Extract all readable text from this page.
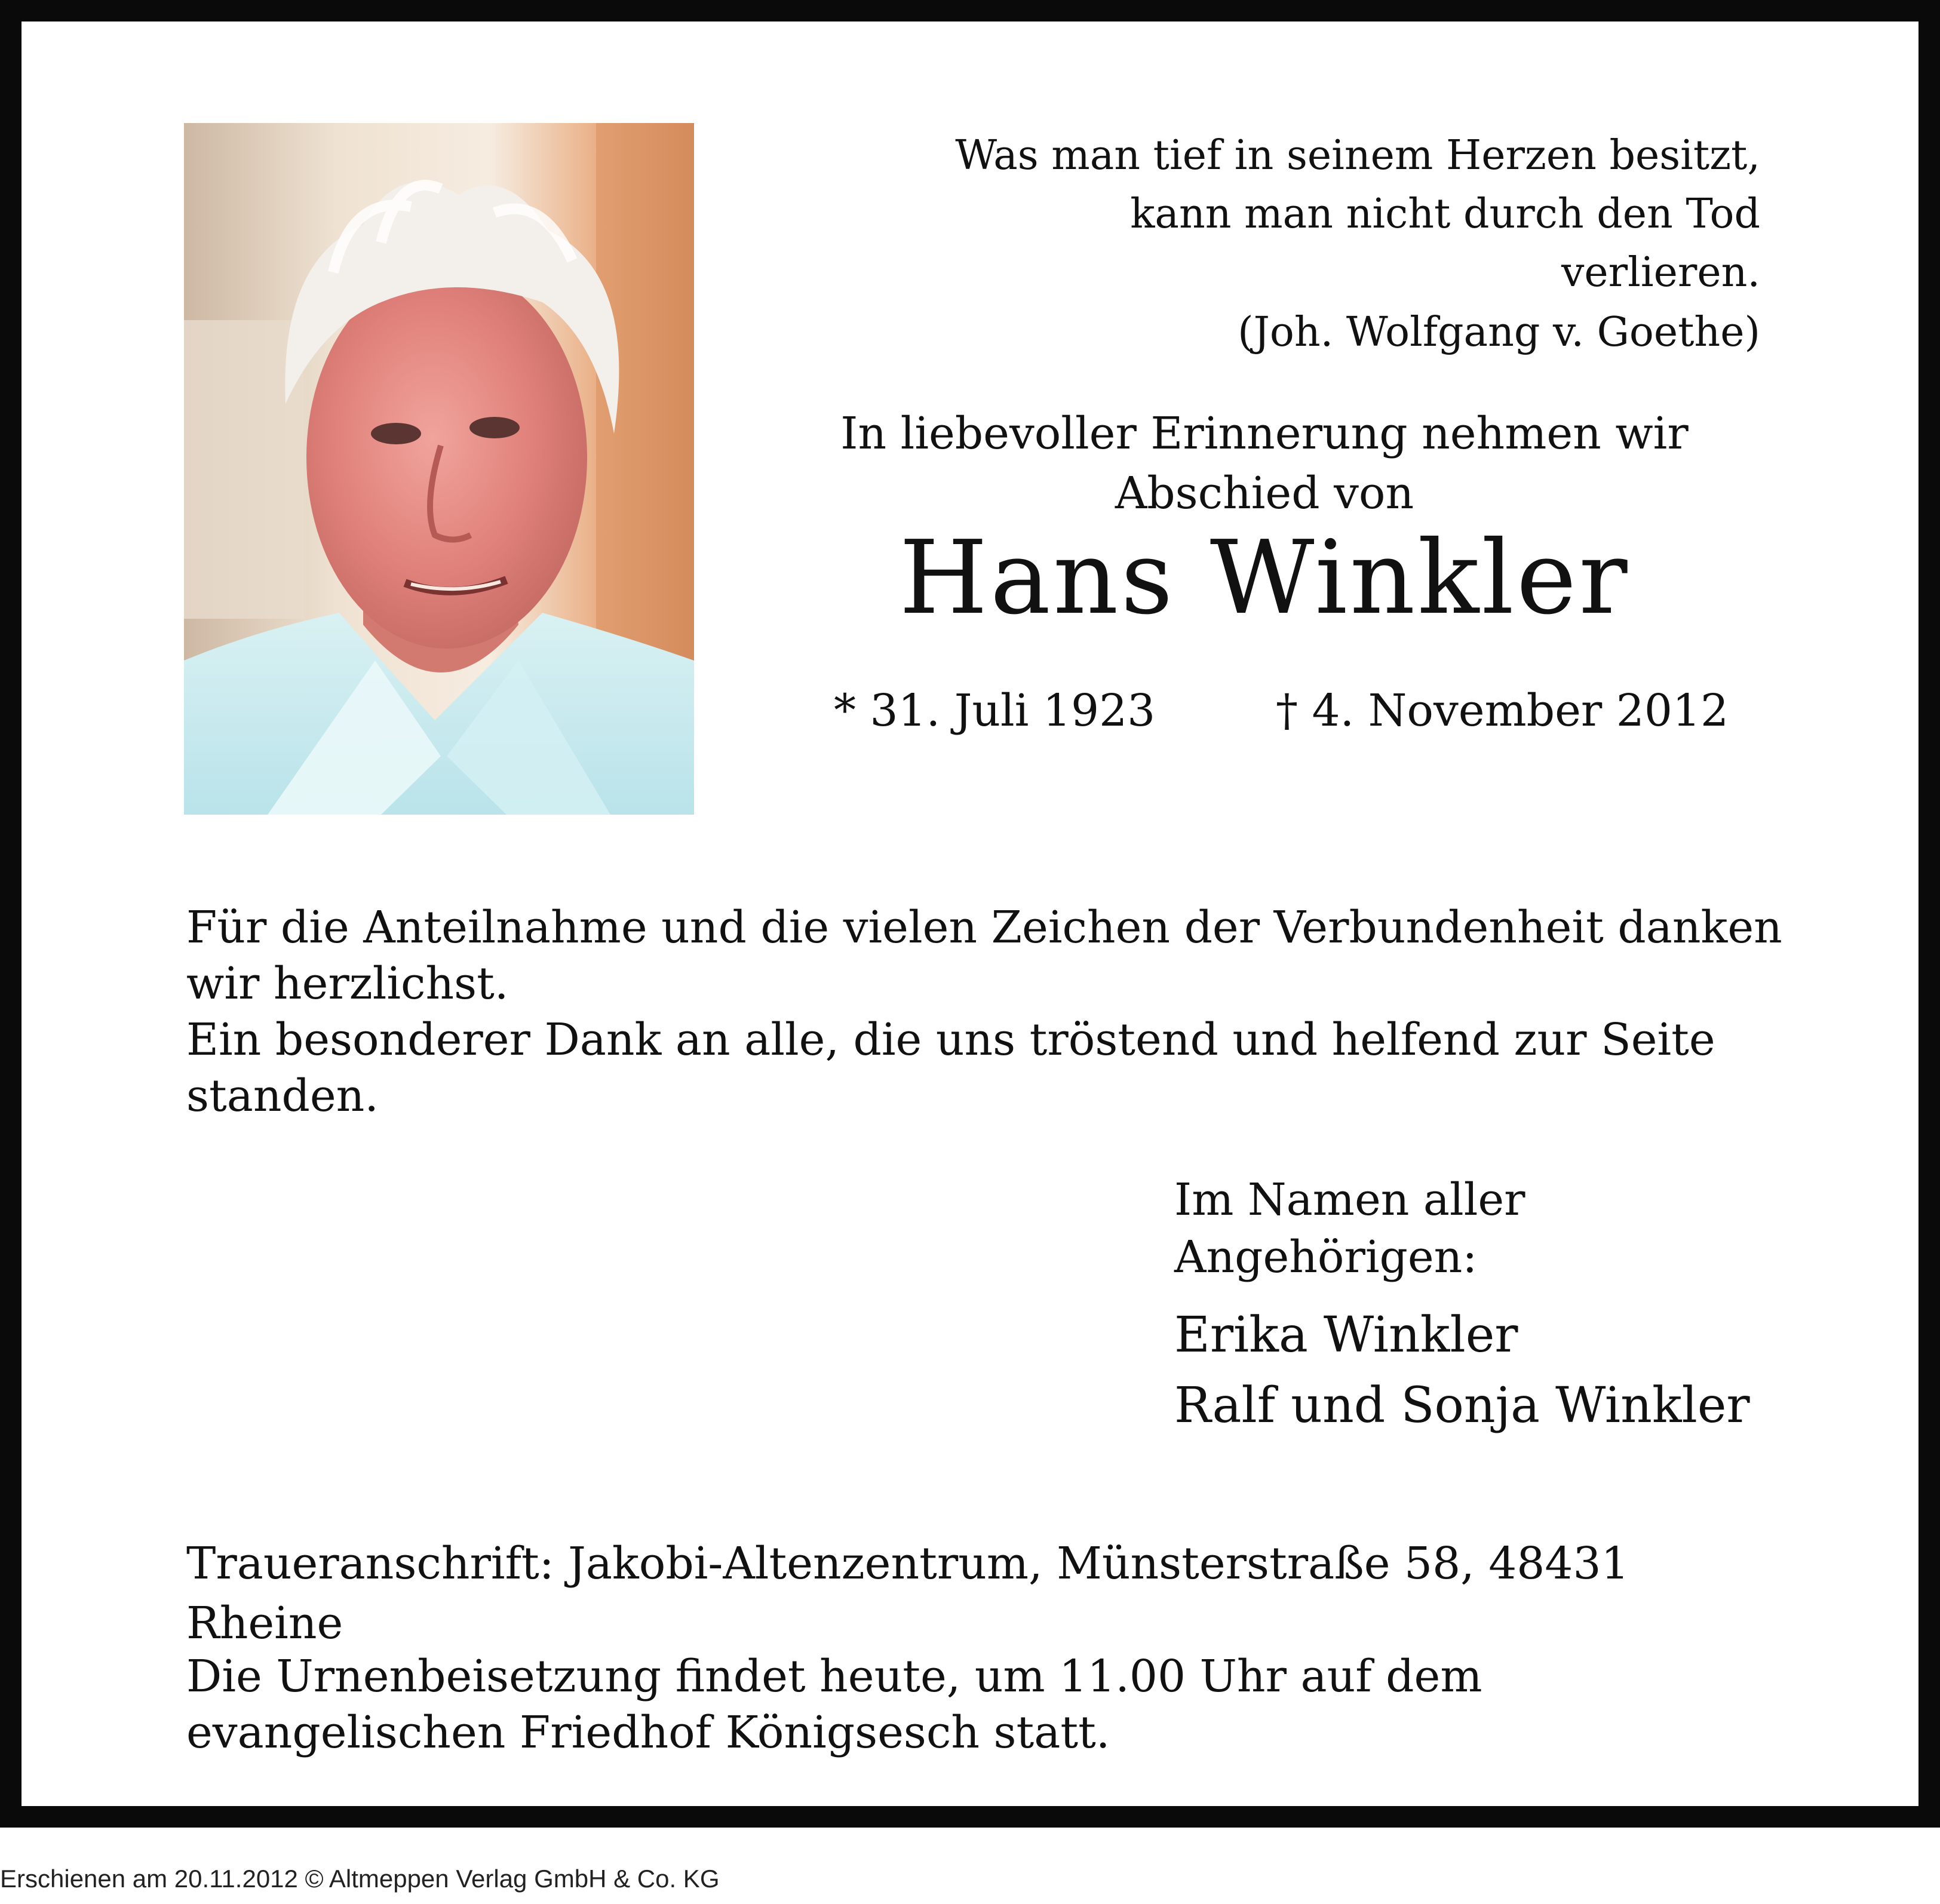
Was man tief in seinem Herzen besitzt,
kann man nicht durch den Tod verlieren.
(Joh. Wolfgang v. Goethe)
In liebevoller Erinnerung nehmen wir Abschied von
Hans Winkler
* 31. Juli 1923	† 4. November 2012

Für die Anteilnahme und die vielen Zeichen der Verbundenheit danken wir herzlichst.

Ein besonderer Dank an alle, die uns tröstend und helfend zur Seite standen.

Im Namen aller Angehörigen:

Erika Winkler
Ralf und Sonja Winkler
Traueranschrift: Jakobi-Altenzentrum, Münsterstraße 58, 48431 Rheine
Die Urnenbeisetzung findet heute, um 11.00 Uhr auf dem evangelischen Friedhof Königsesch statt.
Erschienen am 20.11.2012 © Altmeppen Verlag GmbH & Co. KG
